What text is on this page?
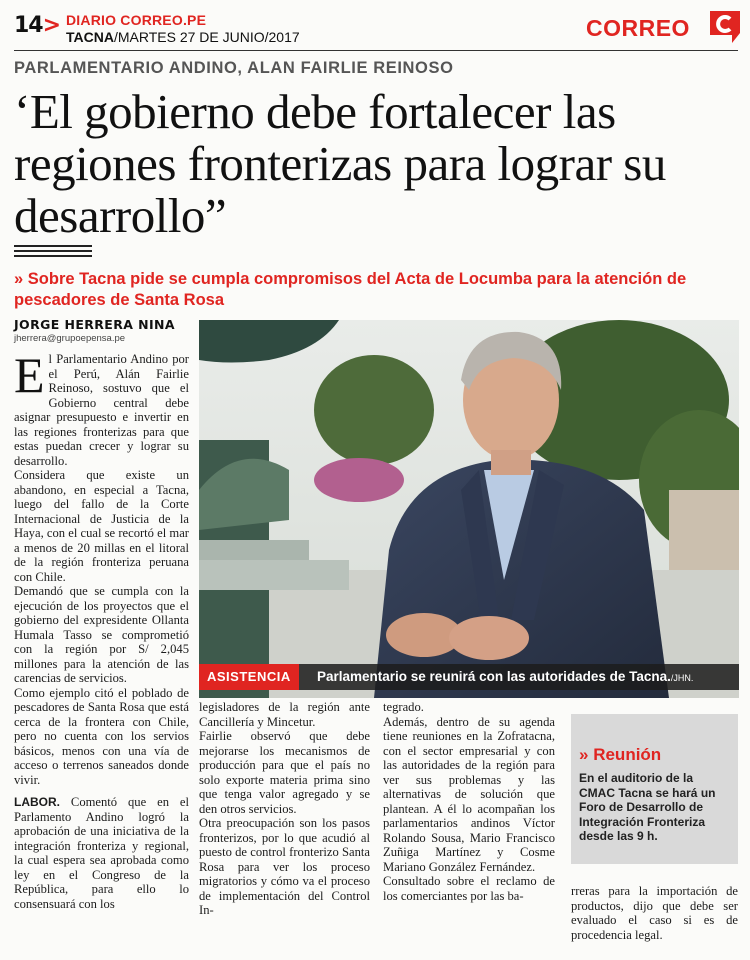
14> DIARIO CORREO.PE
TACNA/MARTES 27 DE JUNIO/2017	CORREO
PARLAMENTARIO ANDINO, ALAN FAIRLIE REINOSO
‘El gobierno debe fortalecer las regiones fronterizas para lograr su desarrollo”
» Sobre Tacna pide se cumpla compromisos del Acta de Locumba para la atención de pescadores de Santa Rosa
JORGE HERRERA NINA
jherrera@grupoepensa.pe
ASISTENCIA	Parlamentario se reunirá con las autoridades de Tacna./JHN.

El Parlamentario Andino por el Perú, Alán Fairlie Reinoso, sostuvo que el Gobierno central debe asignar presupuesto e invertir en las regiones fronterizas para que estas puedan crecer y lograr su desarrollo.

Considera que existe un abandono, en especial a Tacna, luego del fallo de la Corte Internacional de Justicia de la Haya, con el cual se recortó el mar a menos de 20 millas en el litoral de la región fronteriza peruana con Chile.

Demandó que se cumpla con la ejecución de los proyectos que el gobierno del expresidente Ollanta Humala Tasso se comprometió con la región por S/ 2,045 millones para la atención de las carencias de servicios.

Como ejemplo citó el poblado de pescadores de Santa Rosa que está cerca de la frontera con Chile, pero no cuenta con los servios básicos, menos con una vía de acceso o terrenos saneados donde vivir.

LABOR. Comentó que en el Parlamento Andino logró la aprobación de una iniciativa de la integración fronteriza y regional, la cual espera sea aprobada como ley en el Congreso de la República, para ello lo consensuará con los

legisladores de la región ante Cancillería y Mincetur.

Fairlie observó que debe mejorarse los mecanismos de producción para que el país no solo exporte materia prima sino que tenga valor agregado y se den otros servicios.

Otra preocupación son los pasos fronterizos, por lo que acudió al puesto de control fronterizo Santa Rosa para ver los proceso migratorios y cómo va el proceso de implementación del Control In-

tegrado.

Además, dentro de su agenda tiene reuniones en la Zofratacna, con el sector empresarial y con las autoridades de la región para ver sus problemas y las alternativas de solución que plantean. A él lo acompañan los parlamentarios andinos Víctor Rolando Sousa, Mario Francisco Zuñiga Martínez y Cosme Mariano González Fernández.

Consultado sobre el reclamo de los comerciantes por las ba-

» Reunión
En el auditorio de la CMAC Tacna se hará un Foro de Desarrollo de Integración Fronteriza desde las 9 h.

rreras para la importación de productos, dijo que debe ser evaluado el caso si es de procedencia legal.
